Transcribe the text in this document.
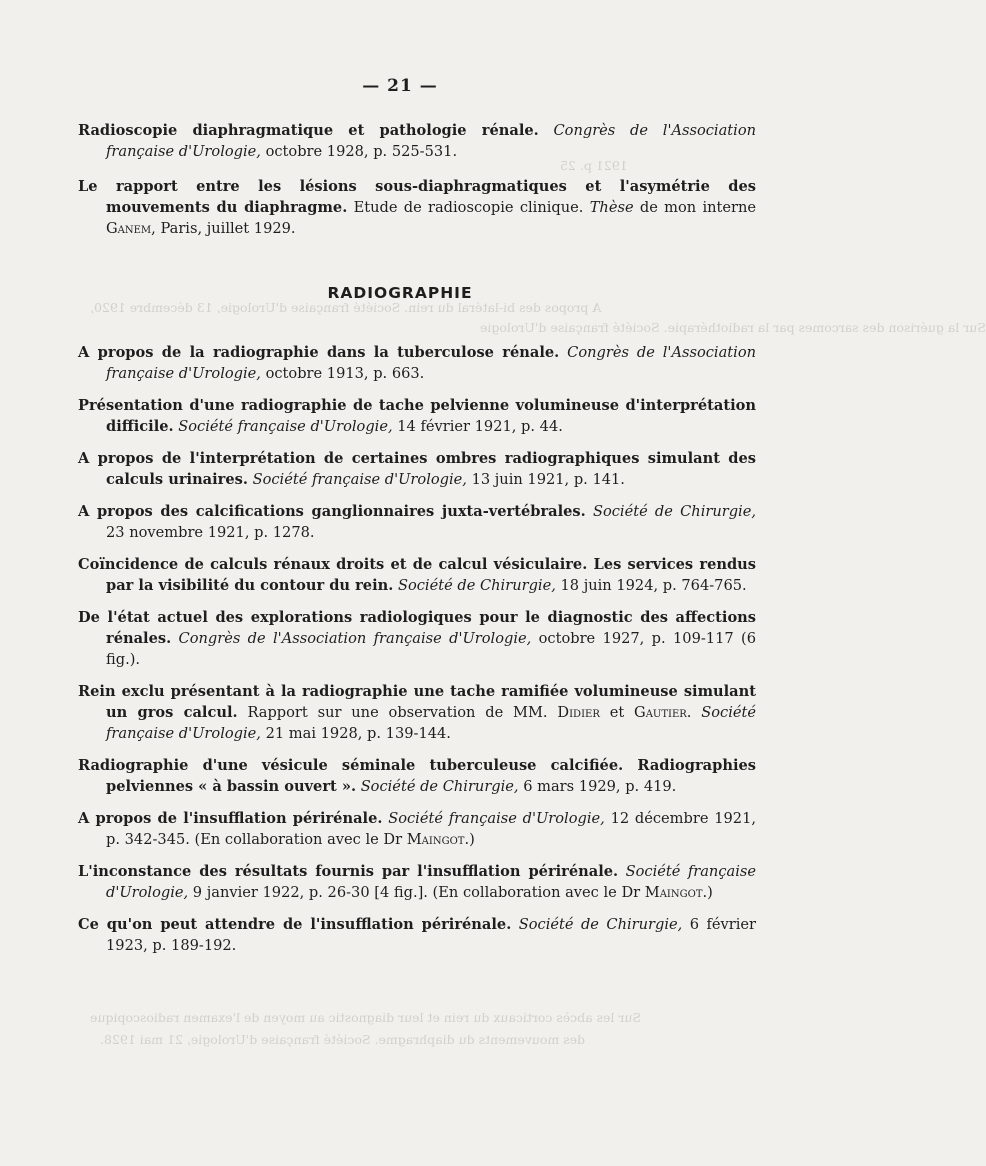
1921 p. 25
A propos des bi-latéral du rein. Société française d'Urologie, 13 décembre 1920,
Sur la guérison des sarcomes par la radiothérapie. Société française d'Urologie
Sur les abcès corticaux du rein et leur diagnostic au moyen de l'examen radioscopique
des mouvements du diaphragme. Société française d'Urologie, 21 mai 1928.
— 21 —

Radioscopie diaphragmatique et pathologie rénale. Congrès de l'Association française d'Urologie, octobre 1928, p. 525-531.

Le rapport entre les lésions sous-diaphragmatiques et l'asymétrie des mouvements du diaphragme. Etude de radioscopie clinique. Thèse de mon interne Ganem, Paris, juillet 1929.

RADIOGRAPHIE

A propos de la radiographie dans la tuberculose rénale. Congrès de l'Association française d'Urologie, octobre 1913, p. 663.

Présentation d'une radiographie de tache pelvienne volumineuse d'interprétation difficile. Société française d'Urologie, 14 février 1921, p. 44.

A propos de l'interprétation de certaines ombres radiographiques simulant des calculs urinaires. Société française d'Urologie, 13 juin 1921, p. 141.

A propos des calcifications ganglionnaires juxta-vertébrales. Société de Chirurgie, 23 novembre 1921, p. 1278.

Coïncidence de calculs rénaux droits et de calcul vésiculaire. Les services rendus par la visibilité du contour du rein. Société de Chirurgie, 18 juin 1924, p. 764-765.

De l'état actuel des explorations radiologiques pour le diagnostic des affections rénales. Congrès de l'Association française d'Urologie, octobre 1927, p. 109-117 (6 fig.).

Rein exclu présentant à la radiographie une tache ramifiée volumineuse simulant un gros calcul. Rapport sur une observation de MM. Didier et Gautier. Société française d'Urologie, 21 mai 1928, p. 139-144.

Radiographie d'une vésicule séminale tuberculeuse calcifiée. Radiographies pelviennes « à bassin ouvert ». Société de Chirurgie, 6 mars 1929, p. 419.

A propos de l'insufflation périrénale. Société française d'Urologie, 12 décembre 1921, p. 342-345. (En collaboration avec le Dr Maingot.)

L'inconstance des résultats fournis par l'insufflation périrénale. Société française d'Urologie, 9 janvier 1922, p. 26-30 [4 fig.]. (En collaboration avec le Dr Maingot.)

Ce qu'on peut attendre de l'insufflation périrénale. Société de Chirurgie, 6 février 1923, p. 189-192.
